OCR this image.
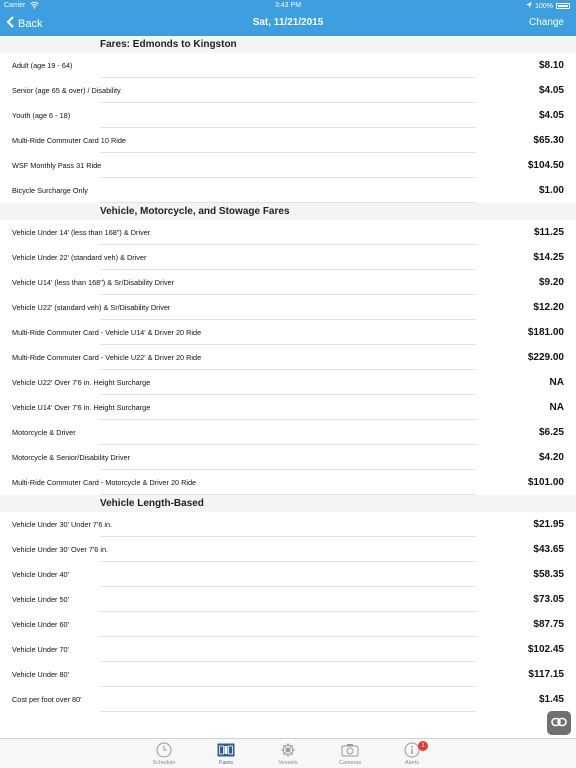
Carrier	3:43 PM	100%
Back	Sat, 11/21/2015	Change
Fares: Edmonds to Kingston
Adult (age 19 - 64)	$8.10
Senior (age 65 & over) / Disability	$4.05
Youth (age 6 - 18)	$4.05
Multi-Ride Commuter Card 10 Ride	$65.30
WSF Monthly Pass 31 Ride	$104.50
Bicycle Surcharge Only	$1.00
Vehicle, Motorcycle, and Stowage Fares
Vehicle Under 14' (less than 168") & Driver	$11.25
Vehicle Under 22' (standard veh) & Driver	$14.25
Vehicle U14' (less than 168") & Sr/Disability Driver	$9.20
Vehicle U22' (standard veh) & Sr/Disability Driver	$12.20
Multi-Ride Commuter Card - Vehicle U14' & Driver 20 Ride	$181.00
Multi-Ride Commuter Card - Vehicle U22' & Driver 20 Ride	$229.00
Vehicle U22' Over 7'6 in. Height Surcharge	NA
Vehicle U14' Over 7'6 in. Height Surcharge	NA
Motorcycle & Driver	$6.25
Motorcycle & Senior/Disability Driver	$4.20
Multi-Ride Commuter Card - Motorcycle & Driver 20 Ride	$101.00
Vehicle Length-Based
Vehicle Under 30' Under 7'6 in.	$21.95
Vehicle Under 30' Over 7'6 in.	$43.65
Vehicle Under 40'	$58.35
Vehicle Under 50'	$73.05
Vehicle Under 60'	$87.75
Vehicle Under 70'	$102.45
Vehicle Under 80'	$117.15
Cost per foot over 80'	$1.45
Schedule	Fares	Vessels	Cameras
1
Alerts
